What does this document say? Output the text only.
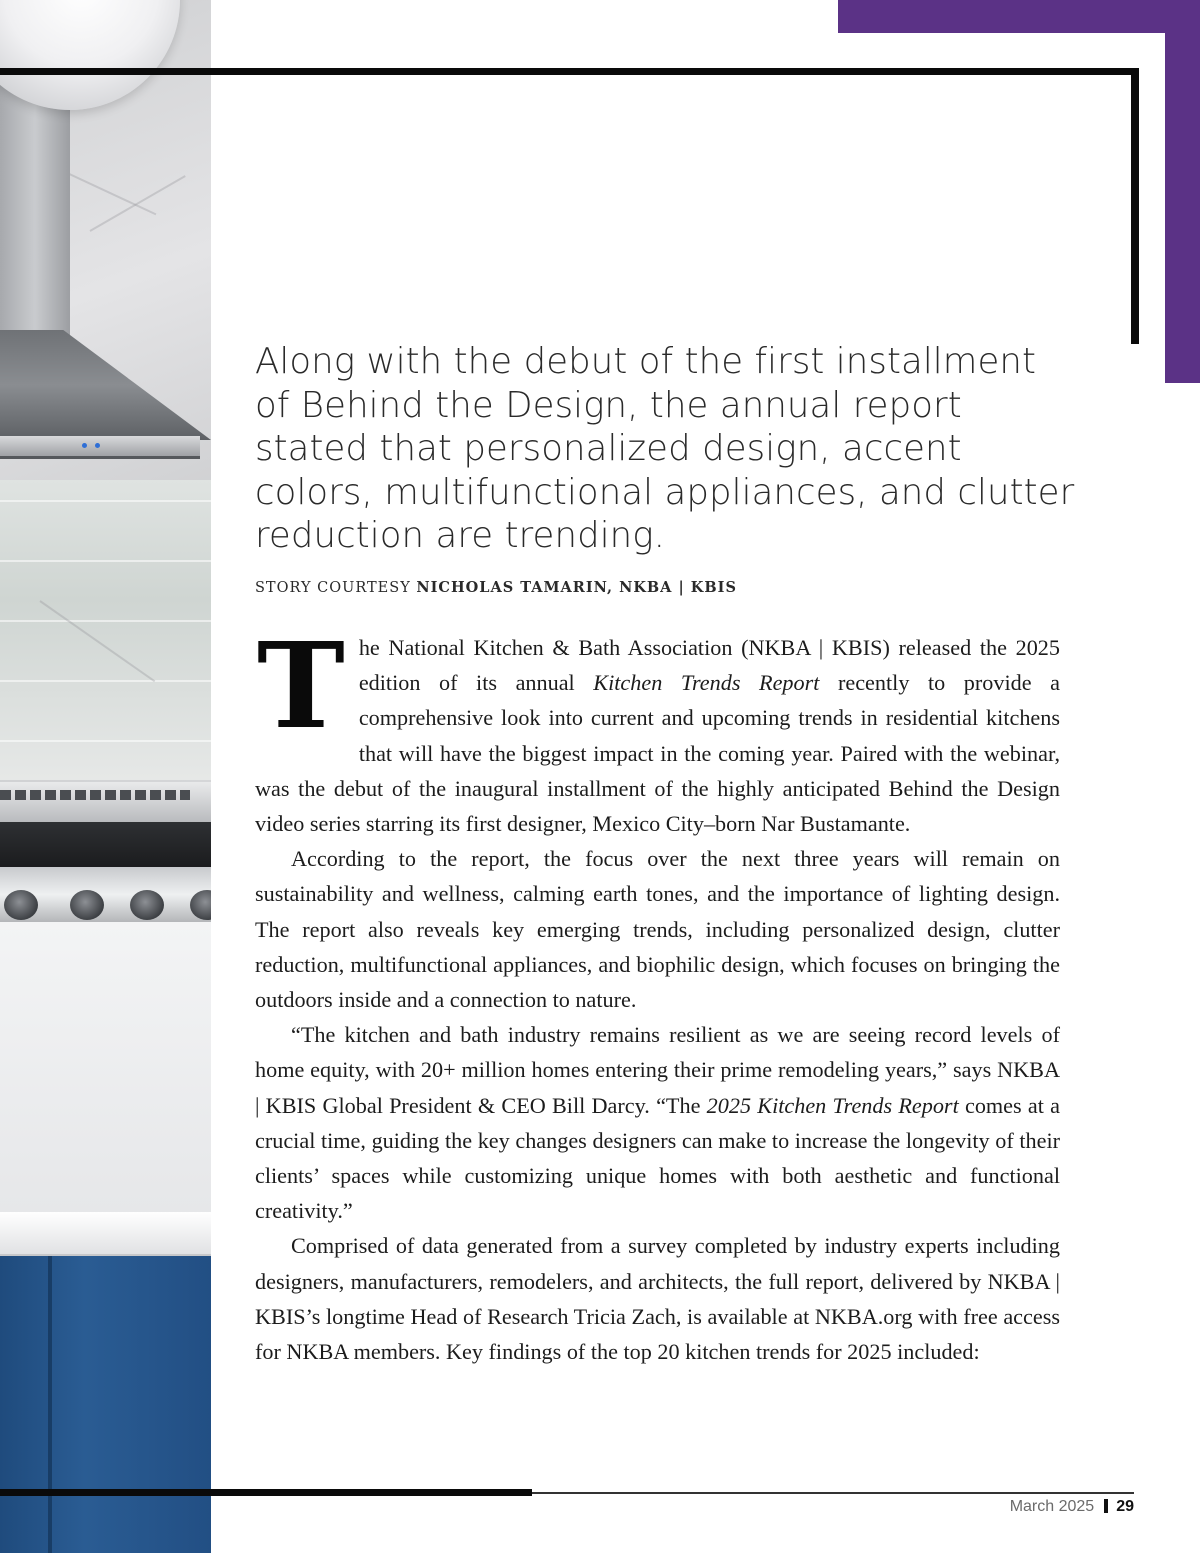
Along with the debut of the first installment of Behind the Design, the annual report stated that personalized design, accent colors, multifunctional appliances, and clutter reduction are trending.
STORY COURTESY NICHOLAS TAMARIN, NKBA | KBIS

The National Kitchen & Bath Association (NKBA | KBIS) released the 2025 edition of its annual Kitchen Trends Report recently to provide a comprehensive look into current and upcoming trends in residential kitchens that will have the biggest impact in the coming year. Paired with the webinar, was the debut of the inaugural installment of the highly anticipated Behind the Design video series starring its first designer, Mexico City–born Nar Bustamante.

According to the report, the focus over the next three years will remain on sustainability and wellness, calming earth tones, and the importance of lighting design. The report also reveals key emerging trends, including personalized design, clutter reduction, multifunctional appliances, and biophilic design, which focuses on bringing the outdoors inside and a connection to nature.

“The kitchen and bath industry remains resilient as we are seeing record levels of home equity, with 20+ million homes entering their prime remodeling years,” says NKBA | KBIS Global President & CEO Bill Darcy. “The 2025 Kitchen Trends Report comes at a crucial time, guiding the key changes designers can make to increase the longevity of their clients’ spaces while customizing unique homes with both aesthetic and functional creativity.”

Comprised of data generated from a survey completed by industry experts including designers, manufacturers, remodelers, and architects, the full report, delivered by NKBA | KBIS’s longtime Head of Research Tricia Zach, is available at NKBA.org with free access for NKBA members. Key findings of the top 20 kitchen trends for 2025 included:

March 2025 29
